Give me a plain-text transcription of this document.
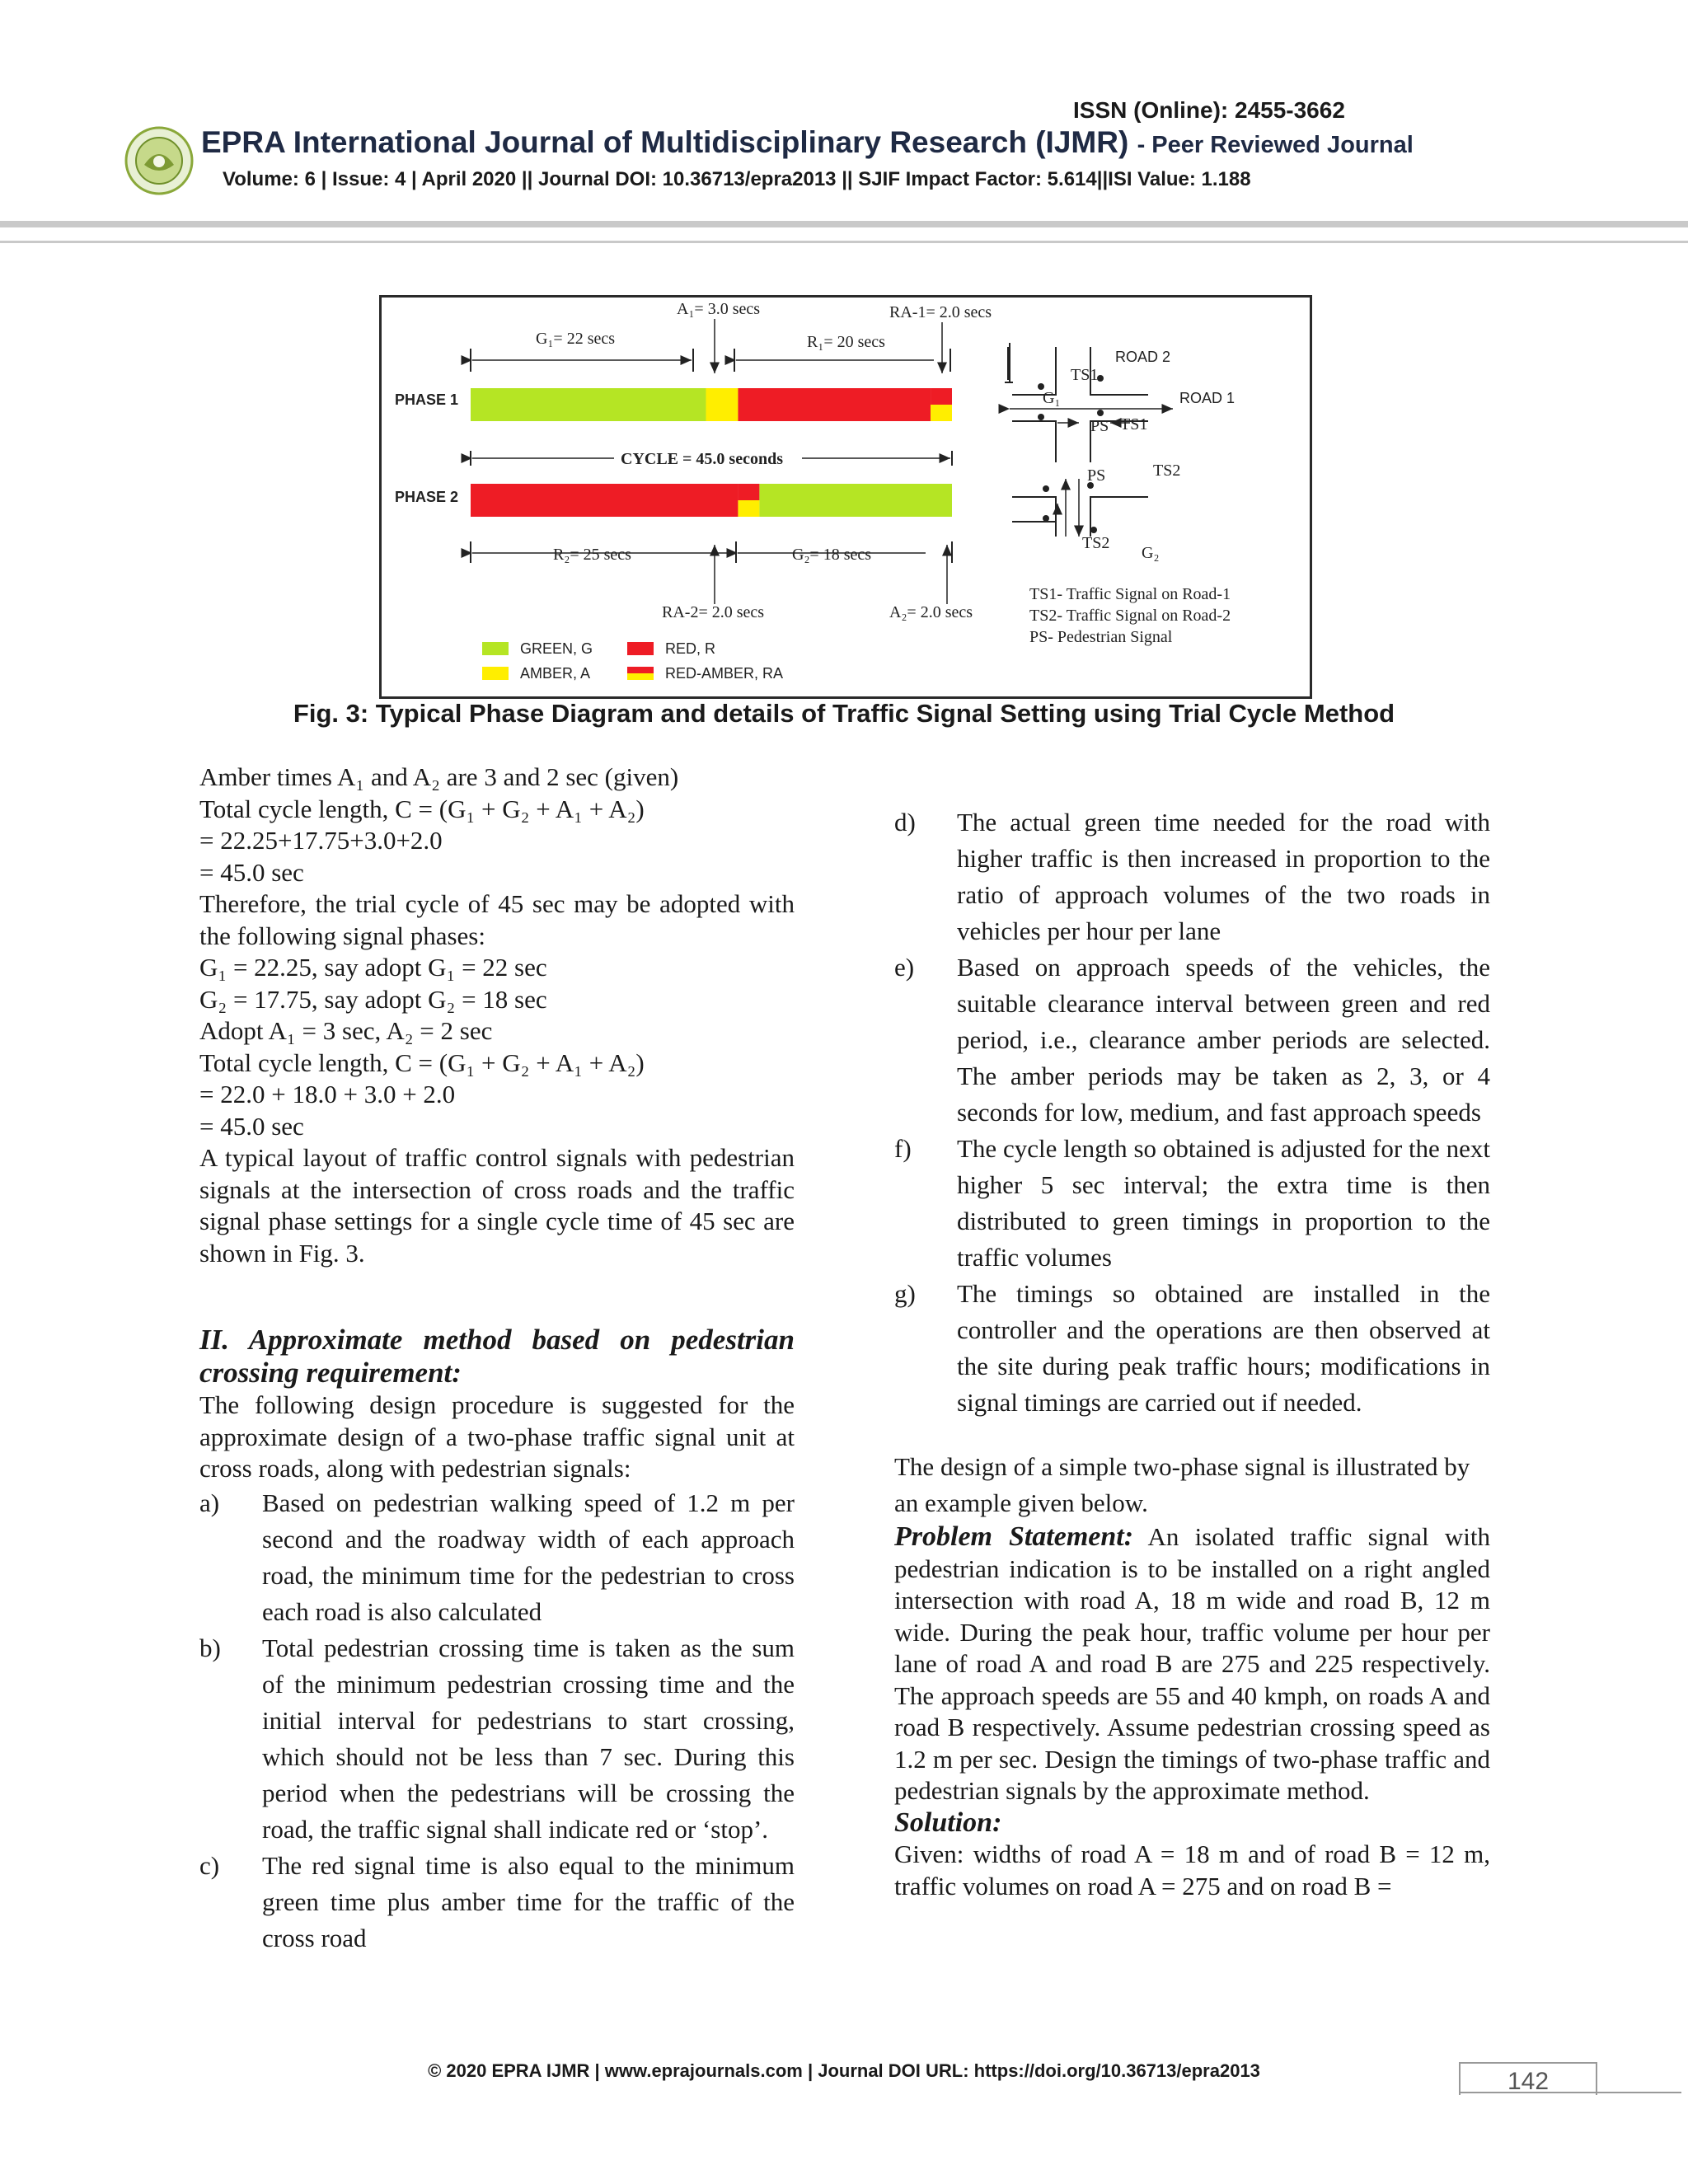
ISSN (Online): 2455-3662
EPRA International Journal of Multidisciplinary Research (IJMR) - Peer Reviewed Journal
Volume: 6 | Issue: 4 | April 2020 || Journal DOI: 10.36713/epra2013 || SJIF Impact Factor: 5.614||ISI Value: 1.188
A₁= 3.0 secs	RA-1= 2.0 secs
G₁= 22 secs	R₁= 20 secs
PHASE 1
CYCLE = 45.0 seconds
PHASE 2
R₂= 25 secs	G₂= 18 secs
RA-2= 2.0 secs	A₂= 2.0 secs
GREEN, G
AMBER, A
RED, R
RED-AMBER, RA
TS1
ROAD 2
ROAD 1
G₁
PS TS1
PS	TS2
TS2
G₂
TS1- Traffic Signal on Road-1
TS2- Traffic Signal on Road-2
PS- Pedestrian Signal
Fig. 3: Typical Phase Diagram and details of Traffic Signal Setting using Trial Cycle Method

Amber times A₁ and A₂ are 3 and 2 sec (given)

Total cycle length, C = (G₁ + G₂ + A₁ + A₂)

= 22.25+17.75+3.0+2.0

= 45.0 sec

Therefore, the trial cycle of 45 sec may be adopted with the following signal phases:

G₁ = 22.25, say adopt G₁ = 22 sec

G₂ = 17.75, say adopt G₂ = 18 sec

Adopt A₁ = 3 sec, A₂ = 2 sec

Total cycle length, C = (G₁ + G₂ + A₁ + A₂)

= 22.0 + 18.0 + 3.0 + 2.0

= 45.0 sec

A typical layout of traffic control signals with pedestrian signals at the intersection of cross roads and the traffic signal phase settings for a single cycle time of 45 sec are shown in Fig. 3.

II. Approximate method based on pedestrian crossing requirement:

The following design procedure is suggested for the approximate design of a two-phase traffic signal unit at cross roads, along with pedestrian signals:

a)	Based on pedestrian walking speed of 1.2 m per second and the roadway width of each approach road, the minimum time for the pedestrian to cross each road is also calculated
b)	Total pedestrian crossing time is taken as the sum of the minimum pedestrian crossing time and the initial interval for pedestrians to start crossing, which should not be less than 7 sec. During this period when the pedestrians will be crossing the road, the traffic signal shall indicate red or ‘stop’.
c)	The red signal time is also equal to the minimum green time plus amber time for the traffic of the cross road
d)	The actual green time needed for the road with higher traffic is then increased in proportion to the ratio of approach volumes of the two roads in vehicles per hour per lane
e)	Based on approach speeds of the vehicles, the suitable clearance interval between green and red period, i.e., clearance amber periods are selected. The amber periods may be taken as 2, 3, or 4 seconds for low, medium, and fast approach speeds
f)	The cycle length so obtained is adjusted for the next higher 5 sec interval; the extra time is then distributed to green timings in proportion to the traffic volumes
g)	The timings so obtained are installed in the controller and the operations are then observed at the site during peak traffic hours; modifications in signal timings are carried out if needed.

The design of a simple two-phase signal is illustrated by an example given below.

Problem Statement: An isolated traffic signal with pedestrian indication is to be installed on a right angled intersection with road A, 18 m wide and road B, 12 m wide. During the peak hour, traffic volume per hour per lane of road A and road B are 275 and 225 respectively. The approach speeds are 55 and 40 kmph, on roads A and road B respectively. Assume pedestrian crossing speed as 1.2 m per sec. Design the timings of two-phase traffic and pedestrian signals by the approximate method.

Solution:

Given: widths of road A = 18 m and of road B = 12 m, traffic volumes on road A = 275 and on road B =

© 2020 EPRA IJMR | www.eprajournals.com | Journal DOI URL: https://doi.org/10.36713/epra2013	142
